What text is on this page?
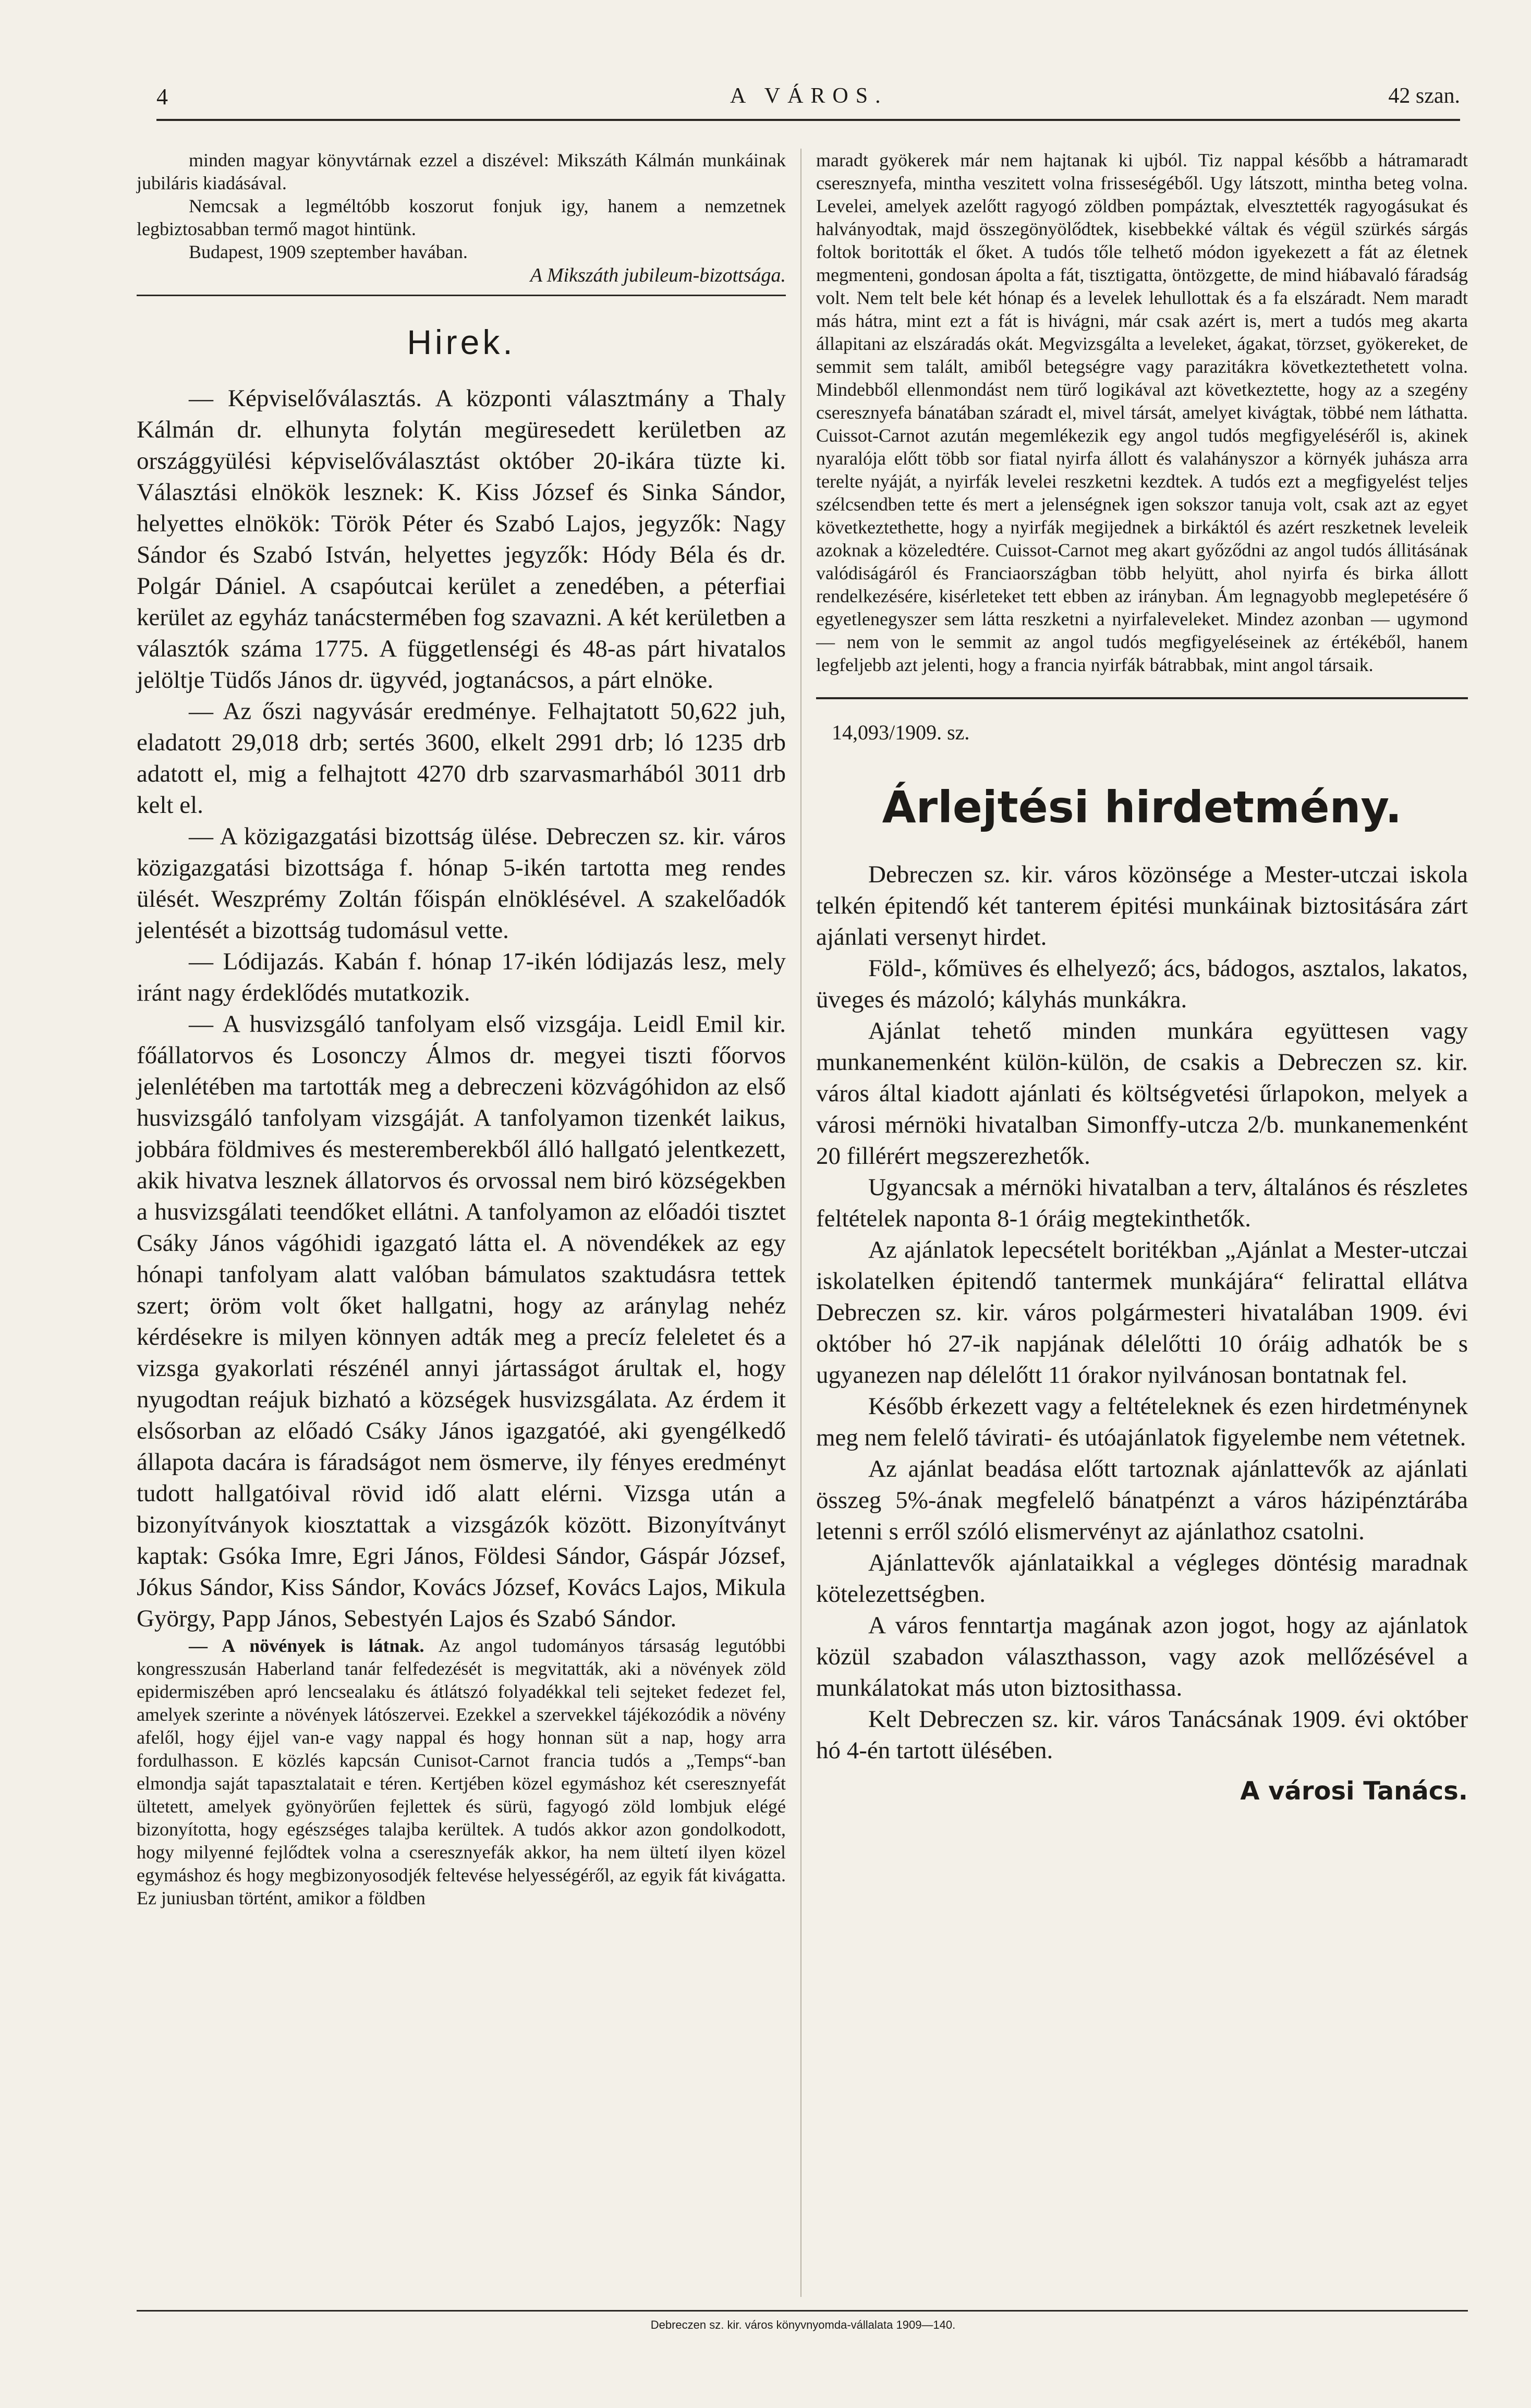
4	A VÁROS.	42 szan.

minden magyar könyvtárnak ezzel a diszével: Mikszáth Kálmán munkáinak jubiláris kiadásával.

Nemcsak a legméltóbb koszorut fonjuk igy, hanem a nemzetnek legbiztosabban termő magot hintünk.

Budapest, 1909 szeptember havában.

A Mikszáth jubileum-bizottsága.

Hirek.

— Képviselőválasztás. A központi választmány a Thaly Kálmán dr. elhunyta folytán megüresedett kerületben az országgyülési képviselőválasztást október 20-ikára tüzte ki. Választási elnökök lesznek: K. Kiss József és Sinka Sándor, helyettes elnökök: Török Péter és Szabó Lajos, jegyzők: Nagy Sándor és Szabó István, helyettes jegyzők: Hódy Béla és dr. Polgár Dániel. A csapóutcai kerület a zenedében, a péterfiai kerület az egyház tanácstermében fog szavazni. A két kerületben a választók száma 1775. A függetlenségi és 48-as párt hivatalos jelöltje Tüdős János dr. ügyvéd, jogtanácsos, a párt elnöke.

— Az őszi nagyvásár eredménye. Felhajtatott 50,622 juh, eladatott 29,018 drb; sertés 3600, elkelt 2991 drb; ló 1235 drb adatott el, mig a felhajtott 4270 drb szarvasmarhából 3011 drb kelt el.

— A közigazgatási bizottság ülése. Debreczen sz. kir. város közigazgatási bizottsága f. hónap 5-ikén tartotta meg rendes ülését. Weszprémy Zoltán főispán elnöklésével. A szakelőadók jelentését a bizottság tudomásul vette.

— Lódijazás. Kabán f. hónap 17-ikén lódijazás lesz, mely iránt nagy érdeklődés mutatkozik.

— A husvizsgáló tanfolyam első vizsgája. Leidl Emil kir. főállatorvos és Losonczy Álmos dr. megyei tiszti főorvos jelenlétében ma tartották meg a debreczeni közvágóhidon az első husvizsgáló tanfolyam vizsgáját. A tanfolyamon tizenkét laikus, jobbára földmives és mesteremberekből álló hallgató jelentkezett, akik hivatva lesznek állatorvos és orvossal nem biró községekben a husvizsgálati teendőket ellátni. A tanfolyamon az előadói tisztet Csáky János vágóhidi igazgató látta el. A növendékek az egy hónapi tanfolyam alatt valóban bámulatos szaktudásra tettek szert; öröm volt őket hallgatni, hogy az aránylag nehéz kérdésekre is milyen könnyen adták meg a precíz feleletet és a vizsga gyakorlati részénél annyi jártasságot árultak el, hogy nyugodtan reájuk bizható a községek husvizsgálata. Az érdem it elsősorban az előadó Csáky János igazgatóé, aki gyengélkedő állapota dacára is fáradságot nem ösmerve, ily fényes eredményt tudott hallgatóival rövid idő alatt elérni. Vizsga után a bizonyítványok kiosztattak a vizsgázók között. Bizonyítványt kaptak: Gsóka Imre, Egri János, Földesi Sándor, Gáspár József, Jókus Sándor, Kiss Sándor, Kovács József, Kovács Lajos, Mikula György, Papp János, Sebestyén Lajos és Szabó Sándor.

— A növények is látnak. Az angol tudományos társaság legutóbbi kongresszusán Haberland tanár felfedezését is megvitatták, aki a növények zöld epidermiszében apró lencsealaku és átlátszó folyadékkal teli sejteket fedezet fel, amelyek szerinte a növények látószervei. Ezekkel a szervekkel tájékozódik a növény afelől, hogy éjjel van-e vagy nappal és hogy honnan süt a nap, hogy arra fordulhasson. E közlés kapcsán Cunisot-Carnot francia tudós a „Temps“-ban elmondja saját tapasztalatait e téren. Kertjében közel egymáshoz két cseresznyefát ültetett, amelyek gyönyörűen fejlettek és sürü, fagyogó zöld lombjuk elégé bizonyította, hogy egészséges talajba kerültek. A tudós akkor azon gondolkodott, hogy milyenné fejlődtek volna a cseresznyefák akkor, ha nem ültetí ilyen közel egymáshoz és hogy megbizonyosodjék feltevése helyességéről, az egyik fát kivágatta. Ez juniusban történt, amikor a földben

maradt gyökerek már nem hajtanak ki ujból. Tiz nappal később a hátramaradt cseresznyefa, mintha veszitett volna frisseségéből. Ugy látszott, mintha beteg volna. Levelei, amelyek azelőtt ragyogó zöldben pompáztak, elvesztették ragyogásukat és halványodtak, majd összegönyölődtek, kisebbekké váltak és végül szürkés sárgás foltok boritották el őket. A tudós tőle telhető módon igyekezett a fát az életnek megmenteni, gondosan ápolta a fát, tisztigatta, öntözgette, de mind hiábavaló fáradság volt. Nem telt bele két hónap és a levelek lehullottak és a fa elszáradt. Nem maradt más hátra, mint ezt a fát is hivágni, már csak azért is, mert a tudós meg akarta állapitani az elszáradás okát. Megvizsgálta a leveleket, ágakat, törzset, gyökereket, de semmit sem talált, amiből betegségre vagy parazitákra következtethetett volna. Mindebből ellenmondást nem türő logikával azt következtette, hogy az a szegény cseresznyefa bánatában száradt el, mivel társát, amelyet kivágtak, többé nem láthatta. Cuissot-Carnot azután megemlékezik egy angol tudós megfigyeléséről is, akinek nyaralója előtt több sor fiatal nyirfa állott és valahányszor a környék juhásza arra terelte nyáját, a nyirfák levelei reszketni kezdtek. A tudós ezt a megfigyelést teljes szélcsendben tette és mert a jelenségnek igen sokszor tanuja volt, csak azt az egyet következtethette, hogy a nyirfák megijednek a birkáktól és azért reszketnek leveleik azoknak a közeledtére. Cuissot-Carnot meg akart győződni az angol tudós állitásának valódiságáról és Franciaországban több helyütt, ahol nyirfa és birka állott rendelkezésére, kisérleteket tett ebben az irányban. Ám legnagyobb meglepetésére ő egyetlenegyszer sem látta reszketni a nyirfaleveleket. Mindez azonban — ugymond — nem von le semmit az angol tudós megfigyeléseinek az értékéből, hanem legfeljebb azt jelenti, hogy a francia nyirfák bátrabbak, mint angol társaik.

14,093/1909. sz.

Árlejtési hirdetmény.

Debreczen sz. kir. város közönsége a Mester-utczai iskola telkén épitendő két tanterem épitési munkáinak biztositására zárt ajánlati versenyt hirdet.

Föld-, kőmüves és elhelyező; ács, bádogos, asztalos, lakatos, üveges és mázoló; kályhás munkákra.

Ajánlat tehető minden munkára együttesen vagy munkanemenként külön-külön, de csakis a Debreczen sz. kir. város által kiadott ajánlati és költségvetési űrlapokon, melyek a városi mérnöki hivatalban Simonffy-utcza 2/b. munkanemenként 20 fillérért megszerezhetők.

Ugyancsak a mérnöki hivatalban a terv, általános és részletes feltételek naponta 8-1 óráig megtekinthetők.

Az ajánlatok lepecsételt boritékban „Ajánlat a Mester-utczai iskolatelken épitendő tantermek munkájára“ felirattal ellátva Debreczen sz. kir. város polgármesteri hivatalában 1909. évi október hó 27-ik napjának délelőtti 10 óráig adhatók be s ugyanezen nap délelőtt 11 órakor nyilvánosan bontatnak fel.

Később érkezett vagy a feltételeknek és ezen hirdetménynek meg nem felelő távirati- és utóajánlatok figyelembe nem vétetnek.

Az ajánlat beadása előtt tartoznak ajánlattevők az ajánlati összeg 5%-ának megfelelő bánatpénzt a város házipénztárába letenni s erről szóló elismervényt az ajánlathoz csatolni.

Ajánlattevők ajánlataikkal a végleges döntésig maradnak kötelezettségben.

A város fenntartja magának azon jogot, hogy az ajánlatok közül szabadon választhasson, vagy azok mellőzésével a munkálatokat más uton biztosithassa.

Kelt Debreczen sz. kir. város Tanácsának 1909. évi október hó 4-én tartott ülésében.

A városi Tanács.
Debreczen sz. kir. város könyvnyomda-vállalata 1909—140.
